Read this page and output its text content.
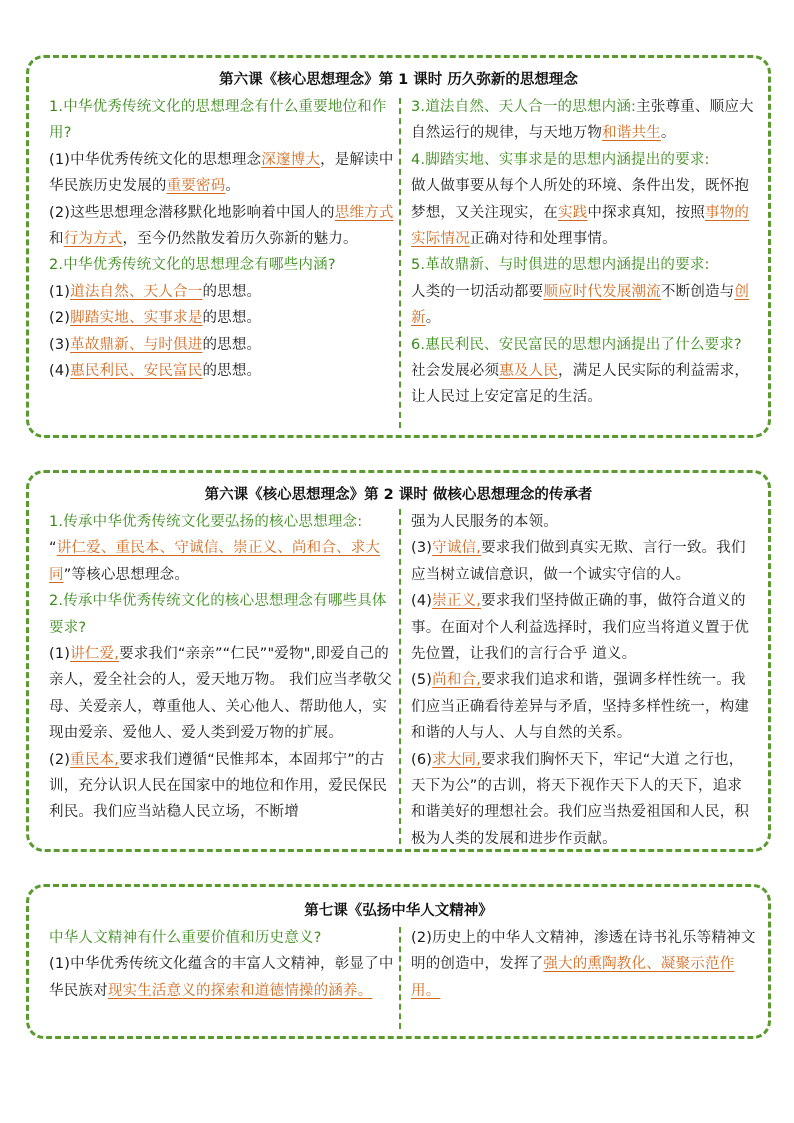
第六课《核心思想理念》第 1 课时 历久弥新的思想理念

1.中华优秀传统文化的思想理念有什么重要地位和作用?

(1)中华优秀传统文化的思想理念深邃博大，是解读中华民族历史发展的重要密码。

(2)这些思想理念潜移默化地影响着中国人的思维方式和行为方式，至今仍然散发着历久弥新的魅力。

2.中华优秀传统文化的思想理念有哪些内涵?

(1)道法自然、天人合一的思想。

(2)脚踏实地、实事求是的思想。

(3)革故鼎新、与时俱进的思想。

(4)惠民利民、安民富民的思想。

3.道法自然、天人合一的思想内涵:主张尊重、顺应大自然运行的规律，与天地万物和谐共生。

4.脚踏实地、实事求是的思想内涵提出的要求:

做人做事要从每个人所处的环境、条件出发，既怀抱梦想，又关注现实，在实践中探求真知，按照事物的实际情况正确对待和处理事情。

5.革故鼎新、与时俱进的思想内涵提出的要求:

人类的一切活动都要顺应时代发展潮流不断创造与创新。

6.惠民利民、安民富民的思想内涵提出了什么要求?

社会发展必须惠及人民，满足人民实际的利益需求，让人民过上安定富足的生活。

第六课《核心思想理念》第 2 课时 做核心思想理念的传承者

1.传承中华优秀传统文化要弘扬的核心思想理念:

“讲仁爱、重民本、守诚信、崇正义、尚和合、求大同”等核心思想理念。

2.传承中华优秀传统文化的核心思想理念有哪些具体要求?

(1)讲仁爱,要求我们“亲亲”“仁民”"爱物",即爱自己的亲人，爱全社会的人，爱天地万物。 我们应当孝敬父母、关爱亲人，尊重他人、关心他人、帮助他人，实现由爱亲、爱他人、爱人类到爱万物的扩展。

(2)重民本,要求我们遵循“民惟邦本，本固邦宁”的古训，充分认识人民在国家中的地位和作用，爱民保民利民。我们应当站稳人民立场，不断增

强为人民服务的本领。

(3)守诚信,要求我们做到真实无欺、言行一致。我们应当树立诚信意识，做一个诚实守信的人。

(4)崇正义,要求我们坚持做正确的事，做符合道义的事。在面对个人利益选择时，我们应当将道义置于优先位置，让我们的言行合乎 道义。

(5)尚和合,要求我们追求和谐，强调多样性统一。我们应当正确看待差异与矛盾，坚持多样性统一，构建和谐的人与人、人与自然的关系。

(6)求大同,要求我们胸怀天下，牢记“大道 之行也，天下为公”的古训，将天下视作天下人的天下，追求和谐美好的理想社会。我们应当热爱祖国和人民，积极为人类的发展和进步作贡献。

第七课《弘扬中华人文精神》

中华人文精神有什么重要价值和历史意义?

(1)中华优秀传统文化蕴含的丰富人文精神，彰显了中华民族对现实生活意义的探索和道德情操的涵养。

(2)历史上的中华人文精神，渗透在诗书礼乐等精神文明的创造中，发挥了强大的熏陶教化、凝聚示范作用。
